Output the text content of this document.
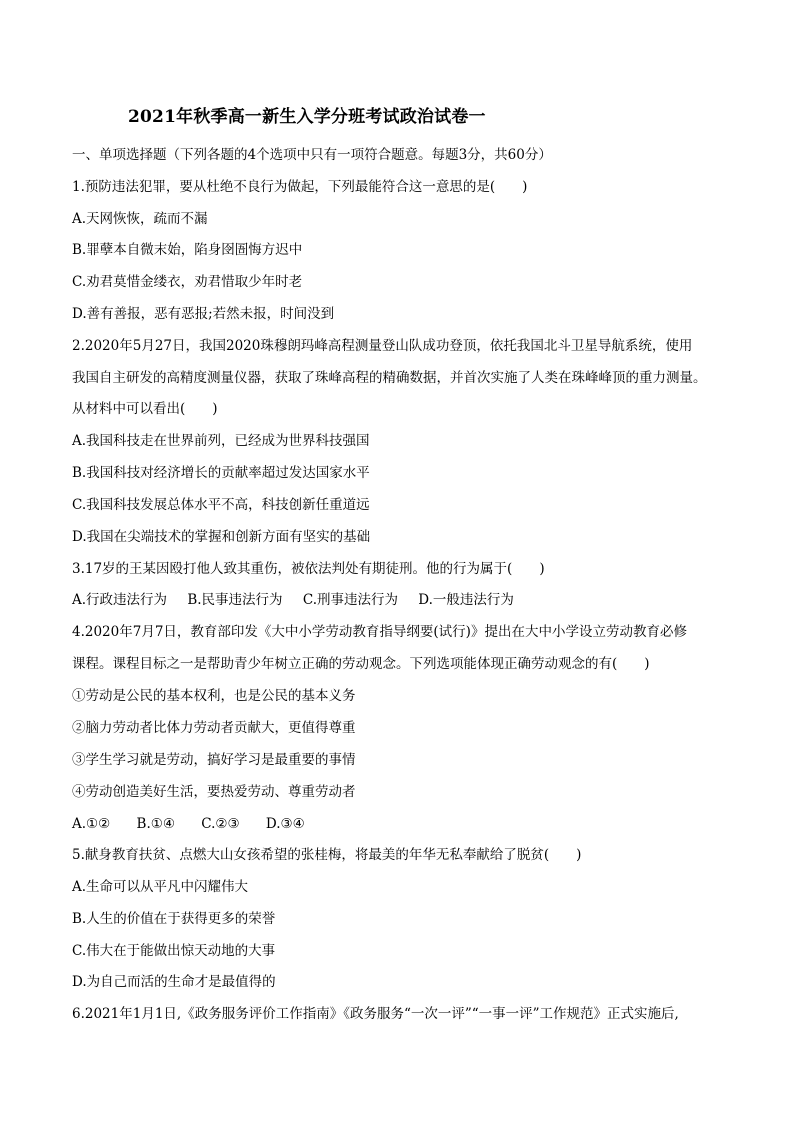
2021年秋季高一新生入学分班考试政治试卷一
一、单项选择题（下列各题的4个选项中只有一项符合题意。每题3分，共60分）
1.预防违法犯罪，要从杜绝不良行为做起，下列最能符合这一意思的是(　　)
A.天网恢恢，疏而不漏
B.罪孽本自微末始，陷身囹圄悔方迟中
C.劝君莫惜金缕衣，劝君惜取少年时老
D.善有善报，恶有恶报;若然未报，时间没到
2.2020年5月27日，我国2020珠穆朗玛峰高程测量登山队成功登顶，依托我国北斗卫星导航系统，使用
我国自主研发的高精度测量仪器，获取了珠峰高程的精确数据，并首次实施了人类在珠峰峰顶的重力测量。
从材料中可以看出(　　)
A.我国科技走在世界前列，已经成为世界科技强国
B.我国科技对经济增长的贡献率超过发达国家水平
C.我国科技发展总体水平不高，科技创新任重道远
D.我国在尖端技术的掌握和创新方面有坚实的基础
3.17岁的王某因殴打他人致其重伤，被依法判处有期徒刑。他的行为属于(　　)
A.行政违法行为 B.民事违法行为 C.刑事违法行为 D.一般违法行为
4.2020年7月7日，教育部印发《大中小学劳动教育指导纲要(试行)》提出在大中小学设立劳动教育必修
课程。课程目标之一是帮助青少年树立正确的劳动观念。下列选项能体现正确劳动观念的有(　　)
①劳动是公民的基本权利，也是公民的基本义务
②脑力劳动者比体力劳动者贡献大，更值得尊重
③学生学习就是劳动，搞好学习是最重要的事情
④劳动创造美好生活，要热爱劳动、尊重劳动者
A.①② B.①④ C.②③ D.③④
5.献身教育扶贫、点燃大山女孩希望的张桂梅，将最美的年华无私奉献给了脱贫(　　)
A.生命可以从平凡中闪耀伟大
B.人生的价值在于获得更多的荣誉
C.伟大在于能做出惊天动地的大事
D.为自己而活的生命才是最值得的
6.2021年1月1日,《政务服务评价工作指南》《政务服务“一次一评”“一事一评”工作规范》正式实施后,
